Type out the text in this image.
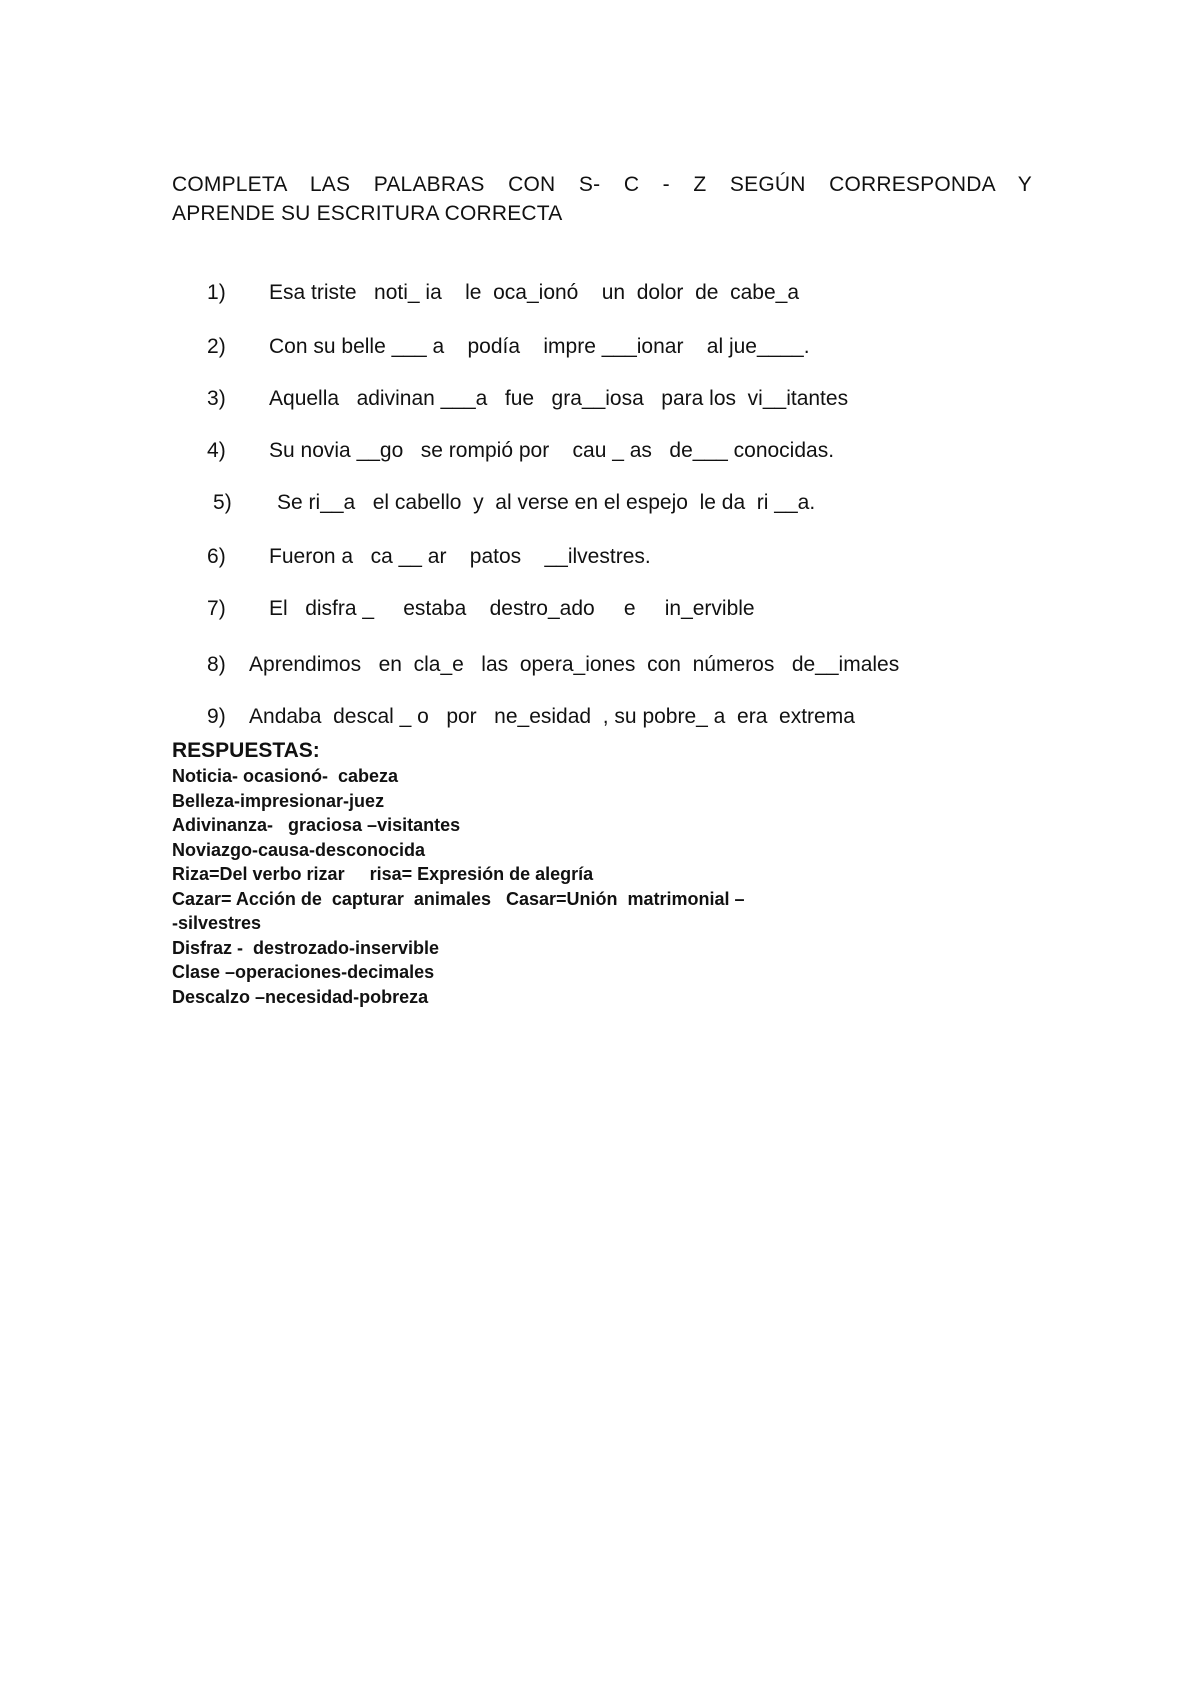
COMPLETA LAS PALABRAS CON S- C - Z SEGÚN CORRESPONDA Y
APRENDE SU ESCRITURA CORRECTA

1) Esa triste   noti_ ia    le  oca_ionó    un  dolor  de  cabe_a

2) Con su belle ___ a    podía    impre ___ionar    al jue____.

3) Aquella   adivinan ___a   fue   gra__iosa   para los  vi__itantes

4) Su novia __go   se rompió por    cau _ as   de___ conocidas.

5) Se ri__a   el cabello  y  al verse en el espejo  le da  ri __a.

6) Fueron a   ca __ ar    patos    __ilvestres.

7) El   disfra _     estaba    destro_ado     e     in_ervible

8) Aprendimos   en  cla_e   las  opera_iones  con  números   de__imales

9) Andaba  descal _ o   por   ne_esidad  , su pobre_ a  era  extrema

RESPUESTAS:
Noticia- ocasionó-  cabeza
Belleza-impresionar-juez
Adivinanza-   graciosa –visitantes
Noviazgo-causa-desconocida
Riza=Del verbo rizar     risa= Expresión de alegría
Cazar= Acción de  capturar  animales   Casar=Unión  matrimonial –
-silvestres
Disfraz -  destrozado-inservible
Clase –operaciones-decimales
Descalzo –necesidad-pobreza
